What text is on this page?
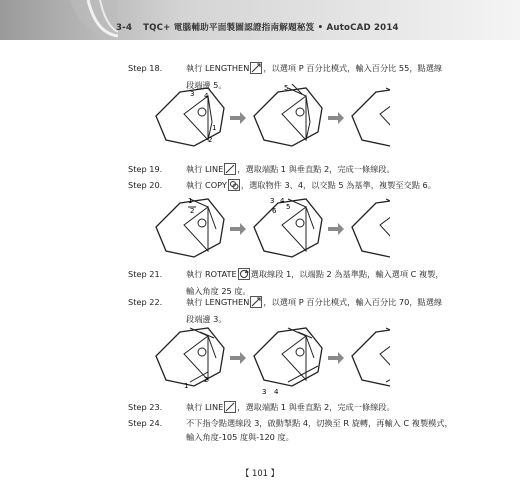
3-4 TQC+ 電腦輔助平面製圖認證指南解題秘笈 • AutoCAD 2014
Step 18.	執行 LENGTHEN ，以選項 P 百分比模式，輸入百分比 55，點選線
段端邊 5。
3 4
1
2
5
Step 19.	執行 LINE ，選取端點 1 與垂直點 2，完成一條線段。
Step 20.	執行 COPY ，選取物件 3、4，以交點 5 為基準，複製至交點 6。
1
2
3 4
6 5
Step 21.	執行 ROTATE 選取線段 1，以端點 2 為基準點，輸入選項 C 複製，
輸入角度 25 度。
Step 22.	執行 LENGTHEN ，以選項 P 百分比模式，輸入百分比 70，點選線
段端邊 3。
1
2
3 4
Step 23.	執行 LINE ，選取端點 1 與垂直點 2，完成一條線段。
Step 24.	不下指令點選線段 3，啟動掣點 4，切換至 R 旋轉，再輸入 C 複製模式，
輸入角度-105 度與-120 度。
【 101 】
